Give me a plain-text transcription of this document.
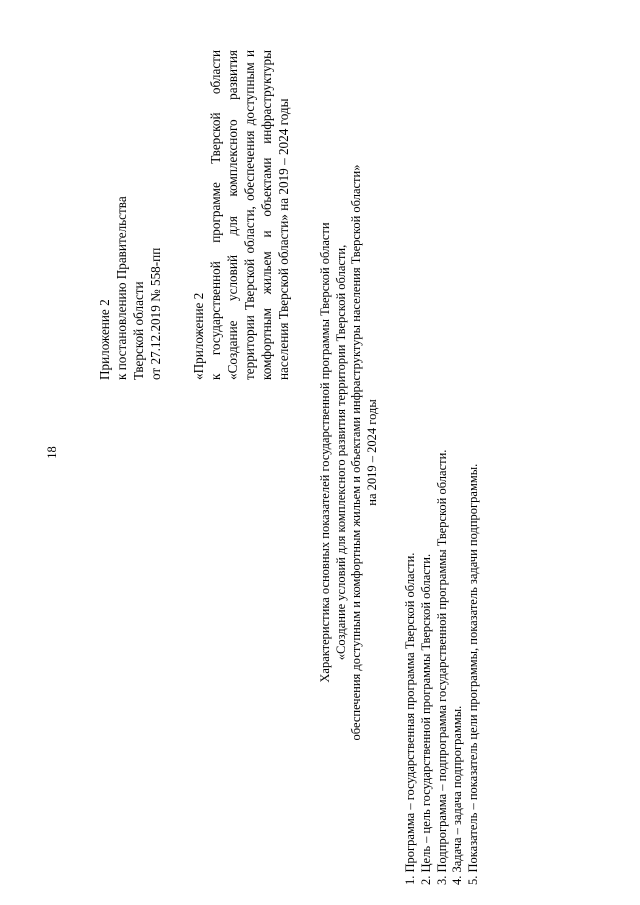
18
Приложение 2 к постановлению Правительства Тверской области от 27.12.2019 № 558-пп «Приложение 2 к государственной программе Тверской области «Создание условий для комплексного развития территории Тверской области, обеспечения доступным и комфортным жильем и объектами инфраструктуры населения Тверской области» на 2019 – 2024 годы Характеристика основных показателей государственной программы Тверской области «Создание условий для комплексного развития территории Тверской области, обеспечения доступным и комфортным жильем и объектами инфраструктуры населения Тверской области» на 2019 – 2024 годы
1. Программа – государственная программа Тверской области. 2. Цель – цель государственной программы Тверской области. 3. Подпрограмма – подпрограмма государственной программы Тверской области. 4. Задача – задача подпрограммы. 5. Показатель – показатель цели программы, показатель задачи подпрограммы.
